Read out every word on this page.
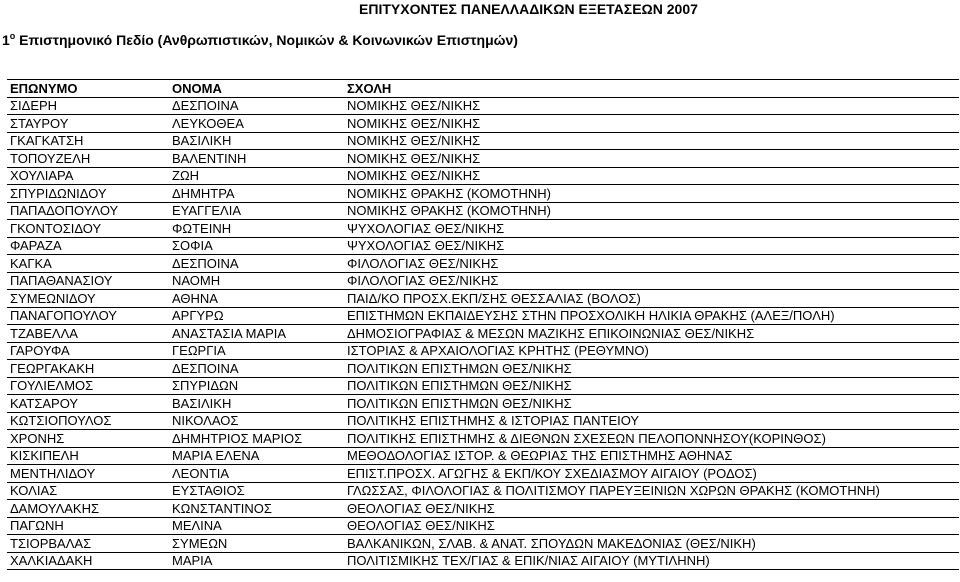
ΕΠΙΤΥΧΟΝΤΕΣ ΠΑΝΕΛΛΑΔΙΚΩΝ ΕΞΕΤΑΣΕΩΝ 2007
$1^o$ Επιστημονικό Πεδίο (Ανθρωπιστικών, Νομικών & Κοινωνικών Επιστημών)
ΕΠΩΝΥΜΟ	ΟΝΟΜΑ	ΣΧΟΛΗ
ΣΙΔΕΡΗ	ΔΕΣΠΟΙΝΑ	ΝΟΜΙΚΗΣ ΘΕΣ/ΝΙΚΗΣ
ΣΤΑΥΡΟΥ	ΛΕΥΚΟΘΕΑ	ΝΟΜΙΚΗΣ ΘΕΣ/ΝΙΚΗΣ
ΓΚΑΓΚΑΤΣΗ	ΒΑΣΙΛΙΚΗ	ΝΟΜΙΚΗΣ ΘΕΣ/ΝΙΚΗΣ
ΤΟΠΟΥΖΕΛΗ	ΒΑΛΕΝΤΙΝΗ	ΝΟΜΙΚΗΣ ΘΕΣ/ΝΙΚΗΣ
ΧΟΥΛΙΑΡΑ	ΖΩΗ	ΝΟΜΙΚΗΣ ΘΕΣ/ΝΙΚΗΣ
ΣΠΥΡΙΔΩΝΙΔΟΥ	ΔΗΜΗΤΡΑ	ΝΟΜΙΚΗΣ ΘΡΑΚΗΣ (ΚΟΜΟΤΗΝΗ)
ΠΑΠΑΔΟΠΟΥΛΟΥ	ΕΥΑΓΓΕΛΙΑ	ΝΟΜΙΚΗΣ ΘΡΑΚΗΣ (ΚΟΜΟΤΗΝΗ)
ΓΚΟΝΤΟΣΙΔΟΥ	ΦΩΤΕΙΝΗ	ΨΥΧΟΛΟΓΙΑΣ ΘΕΣ/ΝΙΚΗΣ
ΦΑΡΑΖΑ	ΣΟΦΙΑ	ΨΥΧΟΛΟΓΙΑΣ ΘΕΣ/ΝΙΚΗΣ
ΚΑΓΚΑ	ΔΕΣΠΟΙΝΑ	ΦΙΛΟΛΟΓΙΑΣ ΘΕΣ/ΝΙΚΗΣ
ΠΑΠΑΘΑΝΑΣΙΟΥ	ΝΑΟΜΗ	ΦΙΛΟΛΟΓΙΑΣ ΘΕΣ/ΝΙΚΗΣ
ΣΥΜΕΩΝΙΔΟΥ	ΑΘΗΝΑ	ΠΑΙΔ/ΚΟ ΠΡΟΣΧ.ΕΚΠ/ΣΗΣ ΘΕΣΣΑΛΙΑΣ (ΒΟΛΟΣ)
ΠΑΝΑΓΟΠΟΥΛΟΥ	ΑΡΓΥΡΩ	ΕΠΙΣΤΗΜΩΝ ΕΚΠΑΙΔΕΥΣΗΣ ΣΤΗΝ ΠΡΟΣΧΟΛΙΚΗ ΗΛΙΚΙΑ ΘΡΑΚΗΣ (ΑΛΕΞ/ΠΟΛΗ)
ΤΖΑΒΕΛΛΑ	ΑΝΑΣΤΑΣΙΑ ΜΑΡΙΑ	ΔΗΜΟΣΙΟΓΡΑΦΙΑΣ & ΜΕΣΩΝ ΜΑΖΙΚΗΣ ΕΠΙΚΟΙΝΩΝΙΑΣ ΘΕΣ/ΝΙΚΗΣ
ΓΑΡΟΥΦΑ	ΓΕΩΡΓΙΑ	ΙΣΤΟΡΙΑΣ & ΑΡΧΑΙΟΛΟΓΙΑΣ ΚΡΗΤΗΣ (ΡΕΘΥΜΝΟ)
ΓΕΩΡΓΑΚΑΚΗ	ΔΕΣΠΟΙΝΑ	ΠΟΛΙΤΙΚΩΝ ΕΠΙΣΤΗΜΩΝ ΘΕΣ/ΝΙΚΗΣ
ΓΟΥΛΙΕΛΜΟΣ	ΣΠΥΡΙΔΩΝ	ΠΟΛΙΤΙΚΩΝ ΕΠΙΣΤΗΜΩΝ ΘΕΣ/ΝΙΚΗΣ
ΚΑΤΣΑΡΟΥ	ΒΑΣΙΛΙΚΗ	ΠΟΛΙΤΙΚΩΝ ΕΠΙΣΤΗΜΩΝ ΘΕΣ/ΝΙΚΗΣ
ΚΩΤΣΙΟΠΟΥΛΟΣ	ΝΙΚΟΛΑΟΣ	ΠΟΛΙΤΙΚΗΣ ΕΠΙΣΤΗΜΗΣ & ΙΣΤΟΡΙΑΣ ΠΑΝΤΕΙΟΥ
ΧΡΟΝΗΣ	ΔΗΜΗΤΡΙΟΣ ΜΑΡΙΟΣ	ΠΟΛΙΤΙΚΗΣ ΕΠΙΣΤΗΜΗΣ & ΔΙΕΘΝΩΝ ΣΧΕΣΕΩΝ ΠΕΛΟΠΟΝΝΗΣΟΥ(ΚΟΡΙΝΘΟΣ)
ΚΙΣΚΙΠΕΛΗ	ΜΑΡΙΑ ΕΛΕΝΑ	ΜΕΘΟΔΟΛΟΓΙΑΣ ΙΣΤΟΡ. & ΘΕΩΡΙΑΣ ΤΗΣ ΕΠΙΣΤΗΜΗΣ ΑΘΗΝΑΣ
ΜΕΝΤΗΛΙΔΟΥ	ΛΕΟΝΤΙΑ	ΕΠΙΣΤ.ΠΡΟΣΧ. ΑΓΩΓΗΣ & ΕΚΠ/ΚΟΥ ΣΧΕΔΙΑΣΜΟΥ ΑΙΓΑΙΟΥ (ΡΟΔΟΣ)
ΚΟΛΙΑΣ	ΕΥΣΤΑΘΙΟΣ	ΓΛΩΣΣΑΣ, ΦΙΛΟΛΟΓΙΑΣ & ΠΟΛΙΤΙΣΜΟΥ ΠΑΡΕΥΞΕΙΝΙΩΝ ΧΩΡΩΝ ΘΡΑΚΗΣ (ΚΟΜΟΤΗΝΗ)
ΔΑΜΟΥΛΑΚΗΣ	ΚΩΝΣΤΑΝΤΙΝΟΣ	ΘΕΟΛΟΓΙΑΣ ΘΕΣ/ΝΙΚΗΣ
ΠΑΓΩΝΗ	ΜΕΛΙΝΑ	ΘΕΟΛΟΓΙΑΣ ΘΕΣ/ΝΙΚΗΣ
ΤΣΙΟΡΒΑΛΑΣ	ΣΥΜΕΩΝ	ΒΑΛΚΑΝΙΚΩΝ, ΣΛΑΒ. & ΑΝΑΤ. ΣΠΟΥΔΩΝ ΜΑΚΕΔΟΝΙΑΣ (ΘΕΣ/ΝΙΚΗ)
ΧΑΛΚΙΑΔΑΚΗ	ΜΑΡΙΑ	ΠΟΛΙΤΙΣΜΙΚΗΣ ΤΕΧ/ΓΙΑΣ & ΕΠΙΚ/ΝΙΑΣ ΑΙΓΑΙΟΥ (ΜΥΤΙΛΗΝΗ)
